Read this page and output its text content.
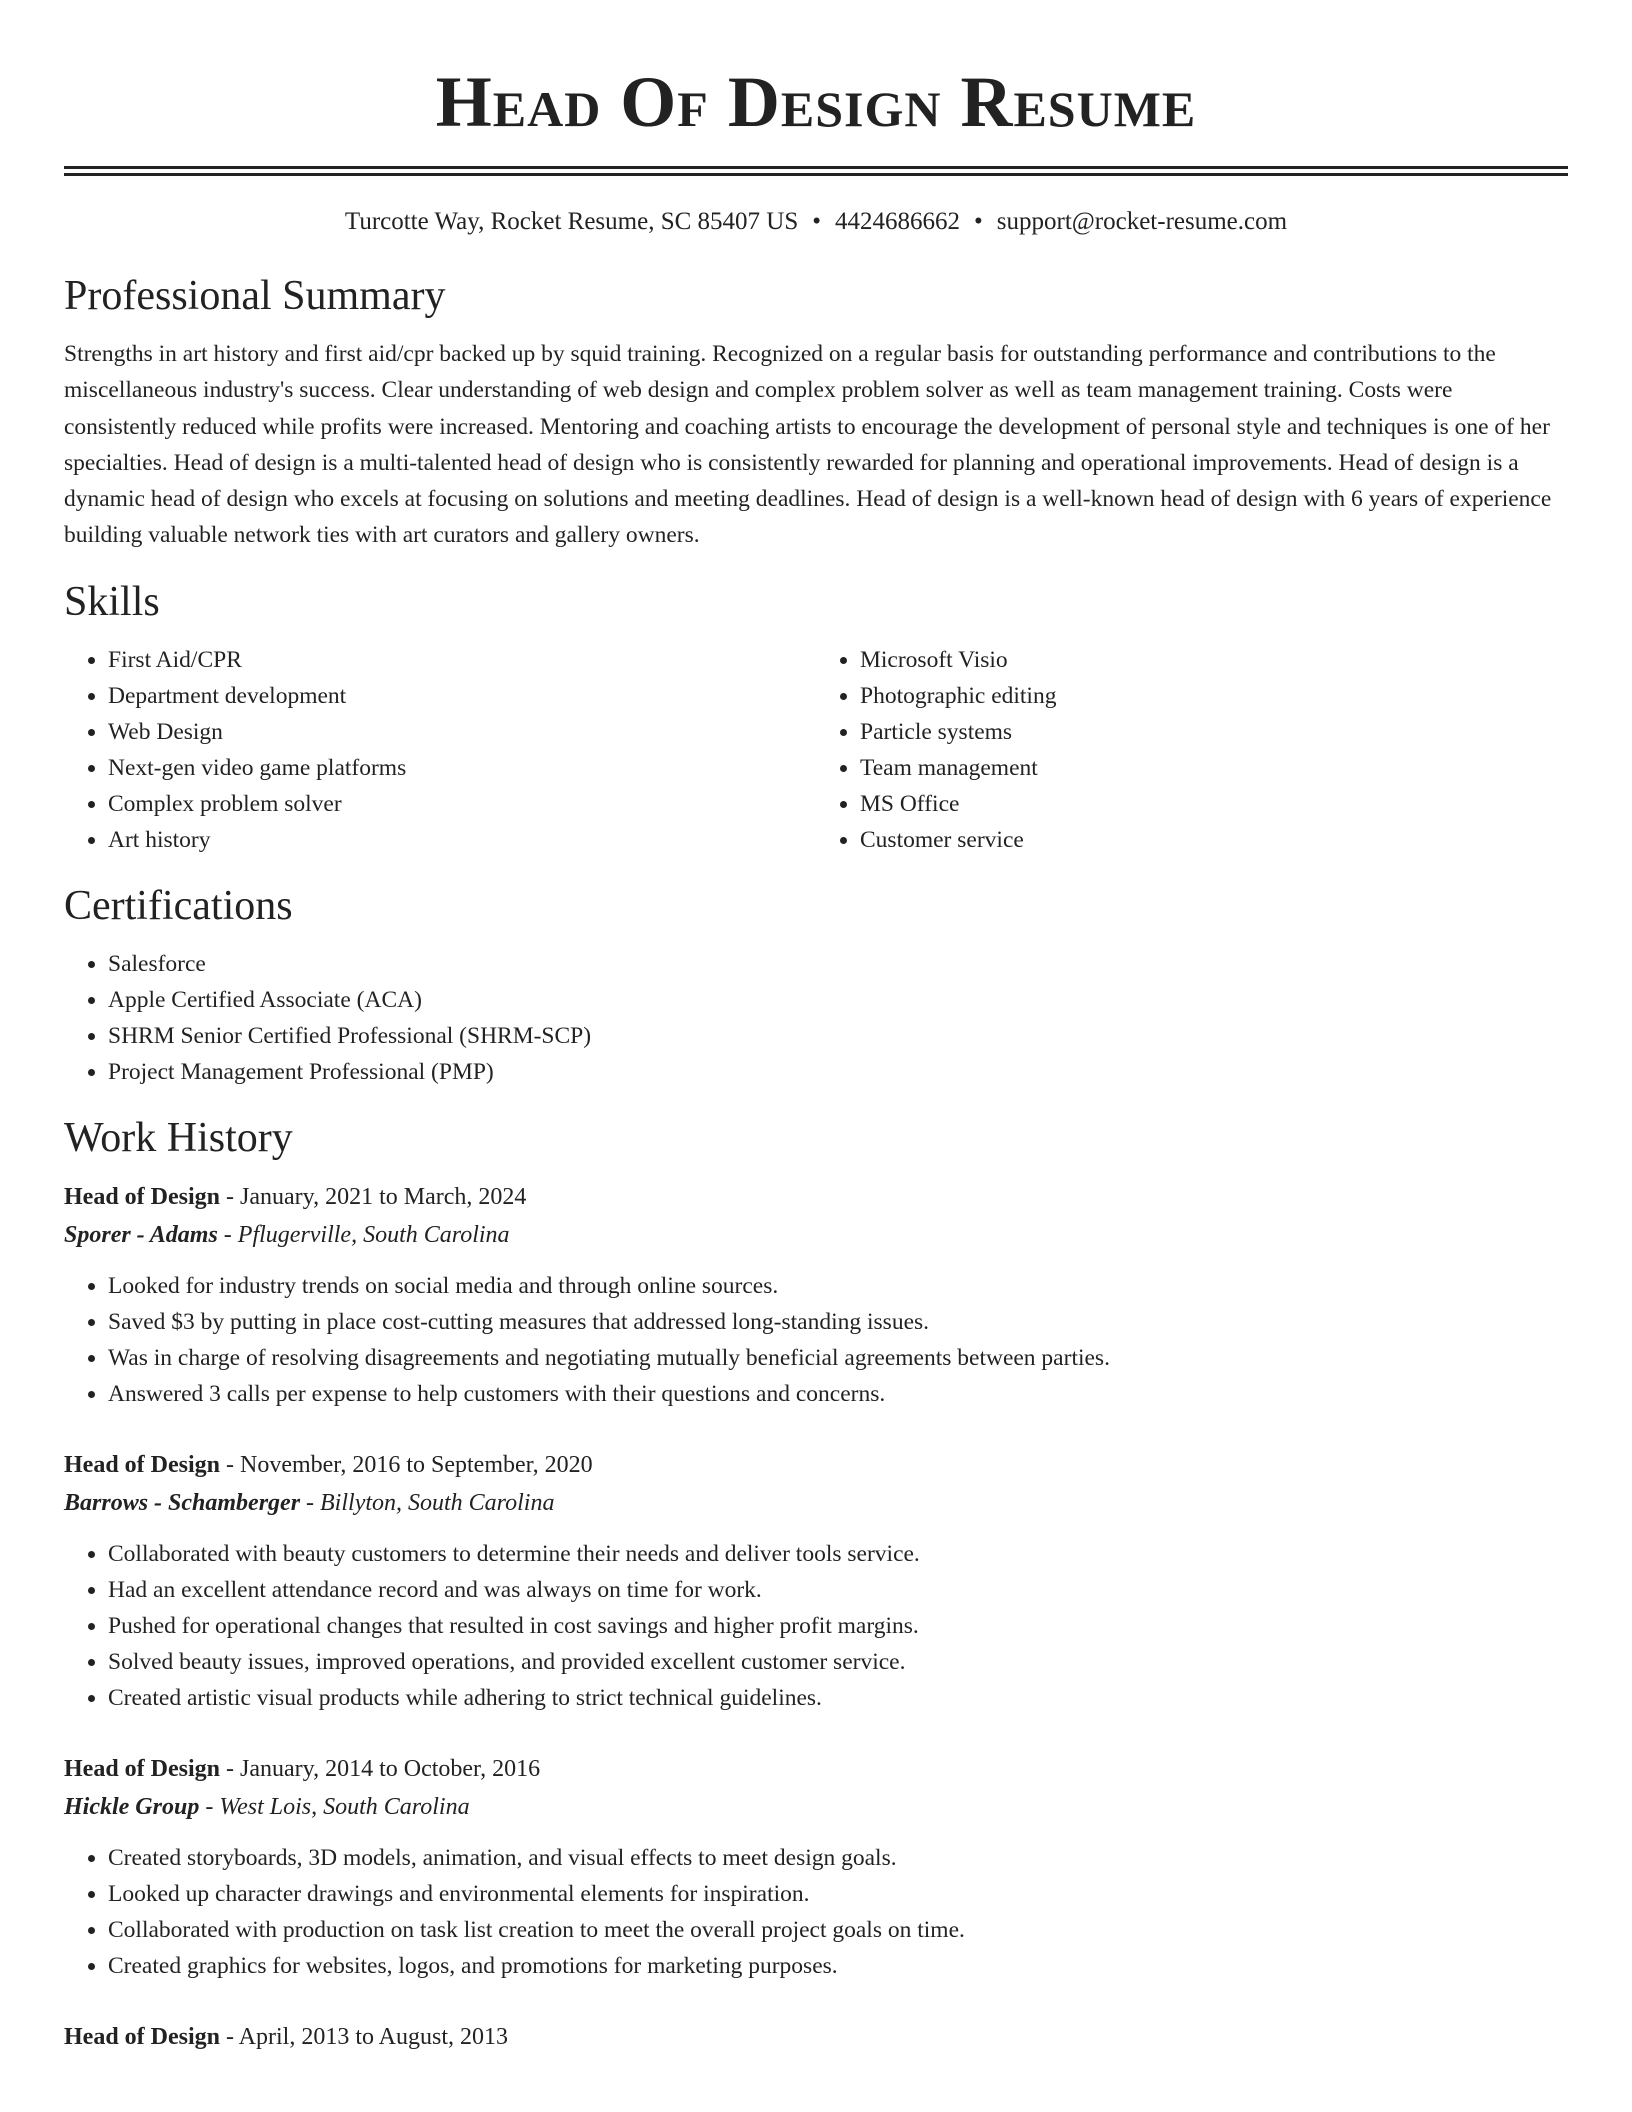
Head Of Design Resume
Turcotte Way, Rocket Resume, SC 85407 US • 4424686662 • support@rocket-resume.com
Professional Summary

Strengths in art history and first aid/cpr backed up by squid training. Recognized on a regular basis for outstanding performance and contributions to the miscellaneous industry's success. Clear understanding of web design and complex problem solver as well as team management training. Costs were consistently reduced while profits were increased. Mentoring and coaching artists to encourage the development of personal style and techniques is one of her specialties. Head of design is a multi-talented head of design who is consistently rewarded for planning and operational improvements. Head of design is a dynamic head of design who excels at focusing on solutions and meeting deadlines. Head of design is a well-known head of design with 6 years of experience building valuable network ties with art curators and gallery owners.

Skills
• First Aid/CPR
• Department development
• Web Design
• Next-gen video game platforms
• Complex problem solver
• Art history
• Microsoft Visio
• Photographic editing
• Particle systems
• Team management
• MS Office
• Customer service
Certifications
• Salesforce
• Apple Certified Associate (ACA)
• SHRM Senior Certified Professional (SHRM-SCP)
• Project Management Professional (PMP)
Work History
Head of Design - January, 2021 to March, 2024
Sporer - Adams - Pflugerville, South Carolina
• Looked for industry trends on social media and through online sources.
• Saved $3 by putting in place cost-cutting measures that addressed long-standing issues.
• Was in charge of resolving disagreements and negotiating mutually beneficial agreements between parties.
• Answered 3 calls per expense to help customers with their questions and concerns.
Head of Design - November, 2016 to September, 2020
Barrows - Schamberger - Billyton, South Carolina
• Collaborated with beauty customers to determine their needs and deliver tools service.
• Had an excellent attendance record and was always on time for work.
• Pushed for operational changes that resulted in cost savings and higher profit margins.
• Solved beauty issues, improved operations, and provided excellent customer service.
• Created artistic visual products while adhering to strict technical guidelines.
Head of Design - January, 2014 to October, 2016
Hickle Group - West Lois, South Carolina
• Created storyboards, 3D models, animation, and visual effects to meet design goals.
• Looked up character drawings and environmental elements for inspiration.
• Collaborated with production on task list creation to meet the overall project goals on time.
• Created graphics for websites, logos, and promotions for marketing purposes.
Head of Design - April, 2013 to August, 2013
